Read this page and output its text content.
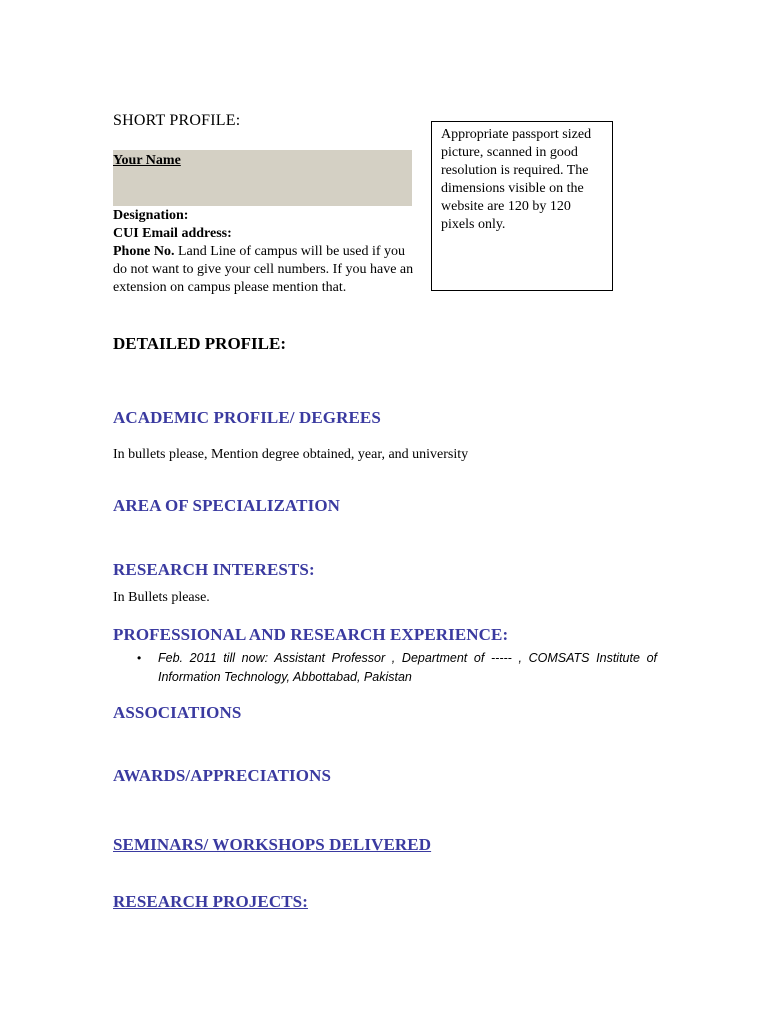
SHORT PROFILE:
Your Name
Designation:
CUI Email address:
Phone No. Land Line of campus will be used if you do not want to give your cell numbers. If you have an extension on campus please mention that.
Appropriate passport sized picture, scanned in good resolution is required. The dimensions visible on the website are 120 by 120 pixels only.
DETAILED PROFILE:
ACADEMIC PROFILE/ DEGREES
In bullets please, Mention degree obtained, year, and university
AREA OF SPECIALIZATION
RESEARCH INTERESTS:
In Bullets please.
PROFESSIONAL AND RESEARCH EXPERIENCE:
• Feb. 2011 till now: Assistant Professor , Department of ----- , COMSATS Institute of Information Technology, Abbottabad, Pakistan
ASSOCIATIONS
AWARDS/APPRECIATIONS
SEMINARS/ WORKSHOPS DELIVERED
RESEARCH PROJECTS:
